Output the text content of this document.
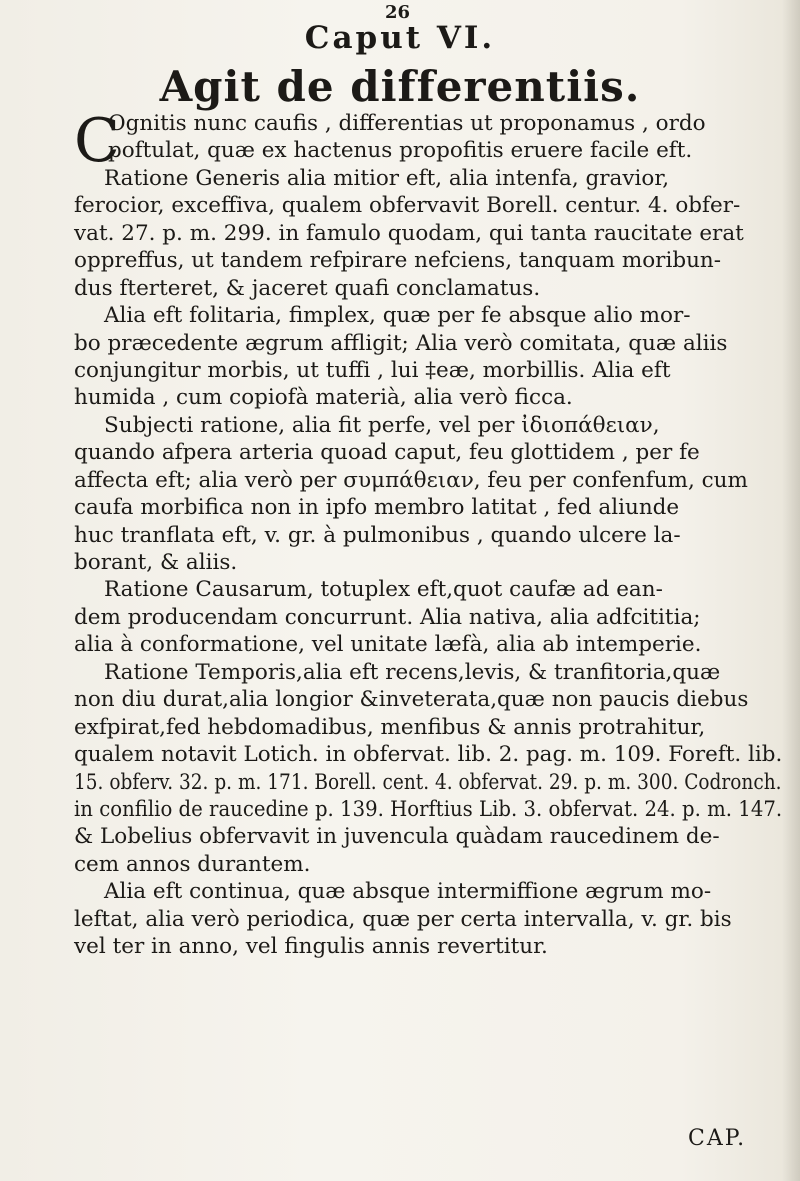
26
Caput VI.
Agit de differentiis.
C
Ognitis nunc caufis , differentias ut proponamus , ordo
poftulat, quæ ex hactenus propofitis eruere facile eft.
Ratione Generis alia mitior eft, alia intenfa, gravior,
ferocior, exceffiva, qualem obfervavit Borell. centur. 4. obfer-
vat. 27. p. m. 299. in famulo quodam, qui tanta raucitate erat
oppreffus, ut tandem refpirare nefciens, tanquam moribun-
dus fterteret, & jaceret quafi conclamatus.
Alia eft folitaria, fimplex, quæ per fe absque alio mor-
bo præcedente ægrum affligit; Alia verò comitata, quæ aliis
conjungitur morbis, ut tuffi , lui ‡eæ, morbillis. Alia eft
humida , cum copiofà materià, alia verò ficca.
Subjecti ratione, alia fit perfe, vel per ἰδιοπάθειαν,
quando afpera arteria quoad caput, feu glottidem , per fe
affecta eft; alia verò per συμπάθειαν, feu per confenfum, cum
caufa morbifica non in ipfo membro latitat , fed aliunde
huc tranflata eft, v. gr. à pulmonibus , quando ulcere la-
borant, & aliis.
Ratione Causarum, totuplex eft,quot caufæ ad ean-
dem producendam concurrunt. Alia nativa, alia adfcititia;
alia à conformatione, vel unitate læfà, alia ab intemperie.
Ratione Temporis,alia eft recens,levis, & tranfitoria,quæ
non diu durat,alia longior &inveterata,quæ non paucis diebus
exfpirat,fed hebdomadibus, menfibus & annis protrahitur,
qualem notavit Lotich. in obfervat. lib. 2. pag. m. 109. Foreft. lib.
15. obferv. 32. p. m. 171. Borell. cent. 4. obfervat. 29. p. m. 300. Codronch.
in confilio de raucedine p. 139. Horftius Lib. 3. obfervat. 24. p. m. 147.
& Lobelius obfervavit in juvencula quàdam raucedinem de-
cem annos durantem.
Alia eft continua, quæ absque intermiffione ægrum mo-
leftat, alia verò periodica, quæ per certa intervalla, v. gr. bis
vel ter in anno, vel fingulis annis revertitur.
CAP.
